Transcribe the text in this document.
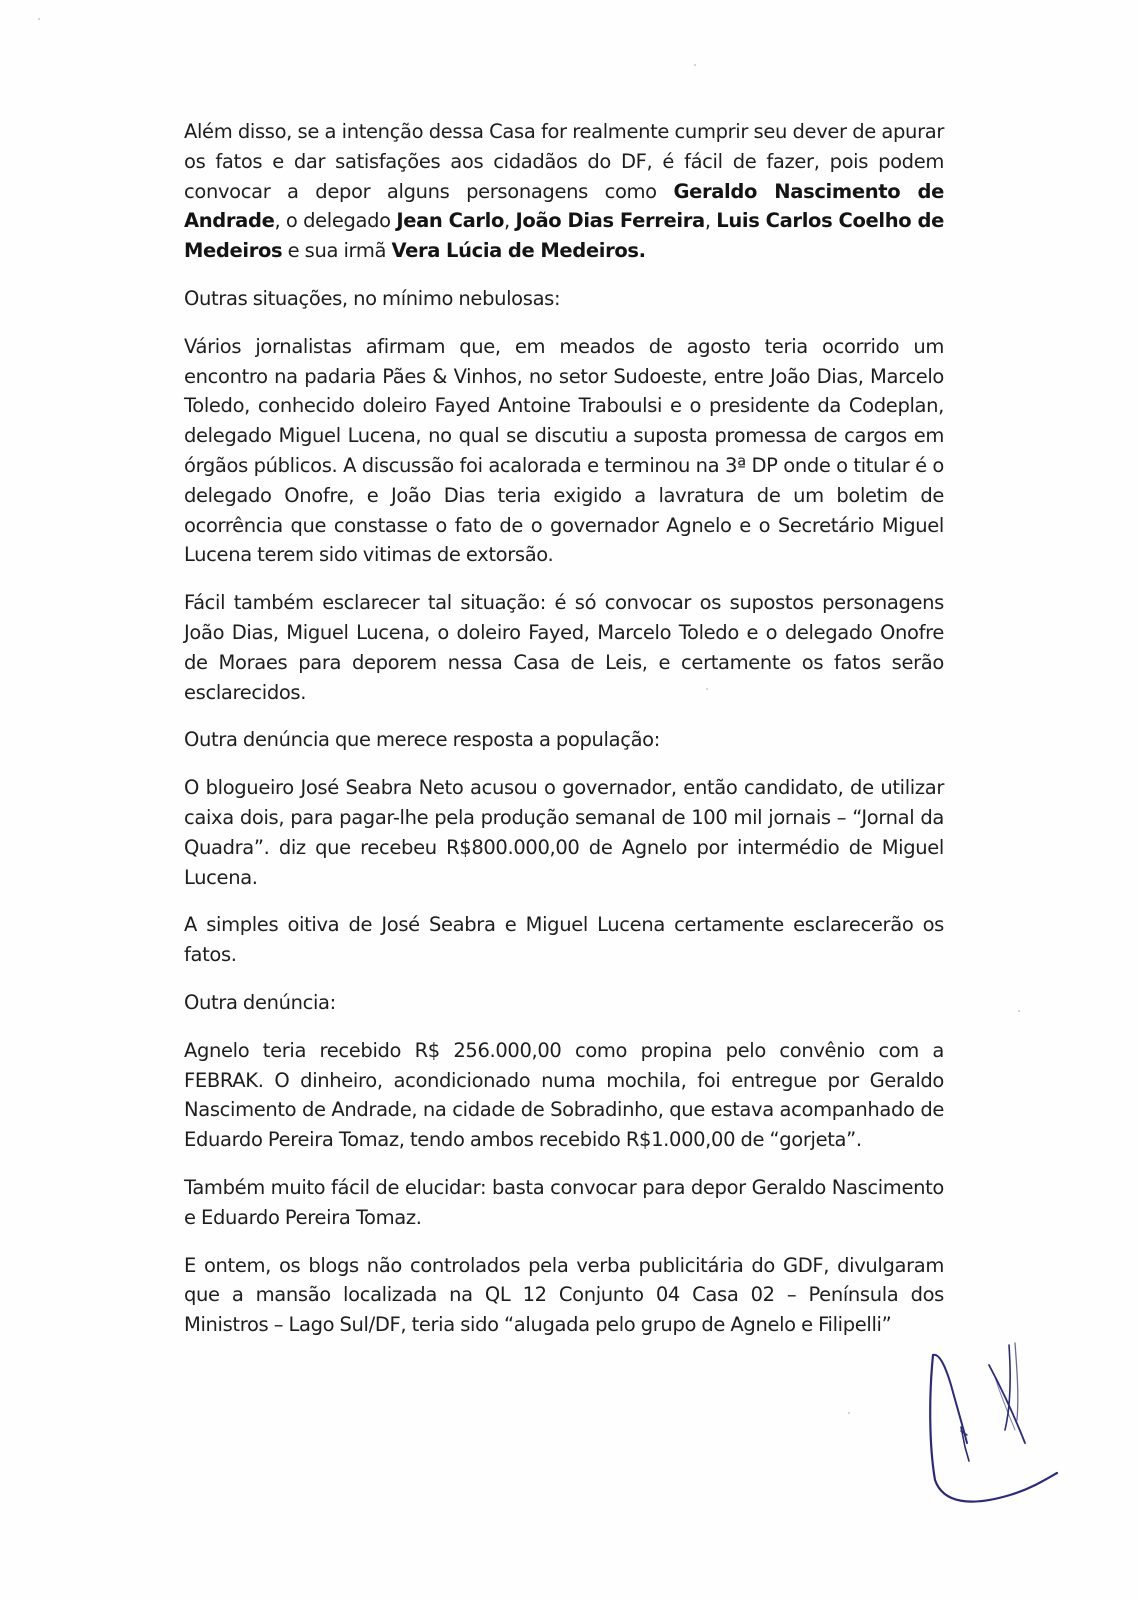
Além disso, se a intenção dessa Casa for realmente cumprir seu dever de apurar os fatos e dar satisfações aos cidadãos do DF, é fácil de fazer, pois podem convocar a depor alguns personagens como Geraldo Nascimento de Andrade, o delegado Jean Carlo, João Dias Ferreira, Luis Carlos Coelho de Medeiros e sua irmã Vera Lúcia de Medeiros.

Outras situações, no mínimo nebulosas:

Vários jornalistas afirmam que, em meados de agosto teria ocorrido um encontro na padaria Pães & Vinhos, no setor Sudoeste, entre João Dias, Marcelo Toledo, conhecido doleiro Fayed Antoine Traboulsi e o presidente da Codeplan, delegado Miguel Lucena, no qual se discutiu a suposta promessa de cargos em órgãos públicos. A discussão foi acalorada e terminou na 3ª DP onde o titular é o delegado Onofre, e João Dias teria exigido a lavratura de um boletim de ocorrência que constasse o fato de o governador Agnelo e o Secretário Miguel Lucena terem sido vitimas de extorsão.

Fácil também esclarecer tal situação: é só convocar os supostos personagens João Dias, Miguel Lucena, o doleiro Fayed, Marcelo Toledo e o delegado Onofre de Moraes para deporem nessa Casa de Leis, e certamente os fatos serão esclarecidos.

Outra denúncia que merece resposta a população:

O blogueiro José Seabra Neto acusou o governador, então candidato, de utilizar caixa dois, para pagar-lhe pela produção semanal de 100 mil jornais – “Jornal da Quadra”. diz que recebeu R$800.000,00 de Agnelo por intermédio de Miguel Lucena.

A simples oitiva de José Seabra e Miguel Lucena certamente esclarecerão os fatos.

Outra denúncia:

Agnelo teria recebido R$ 256.000,00 como propina pelo convênio com a FEBRAK. O dinheiro, acondicionado numa mochila, foi entregue por Geraldo Nascimento de Andrade, na cidade de Sobradinho, que estava acompanhado de Eduardo Pereira Tomaz, tendo ambos recebido R$1.000,00 de “gorjeta”.

Também muito fácil de elucidar: basta convocar para depor Geraldo Nascimento e Eduardo Pereira Tomaz.

E ontem, os blogs não controlados pela verba publicitária do GDF, divulgaram que a mansão localizada na QL 12 Conjunto 04 Casa 02 – Península dos Ministros – Lago Sul/DF, teria sido “alugada pelo grupo de Agnelo e Filipelli”
